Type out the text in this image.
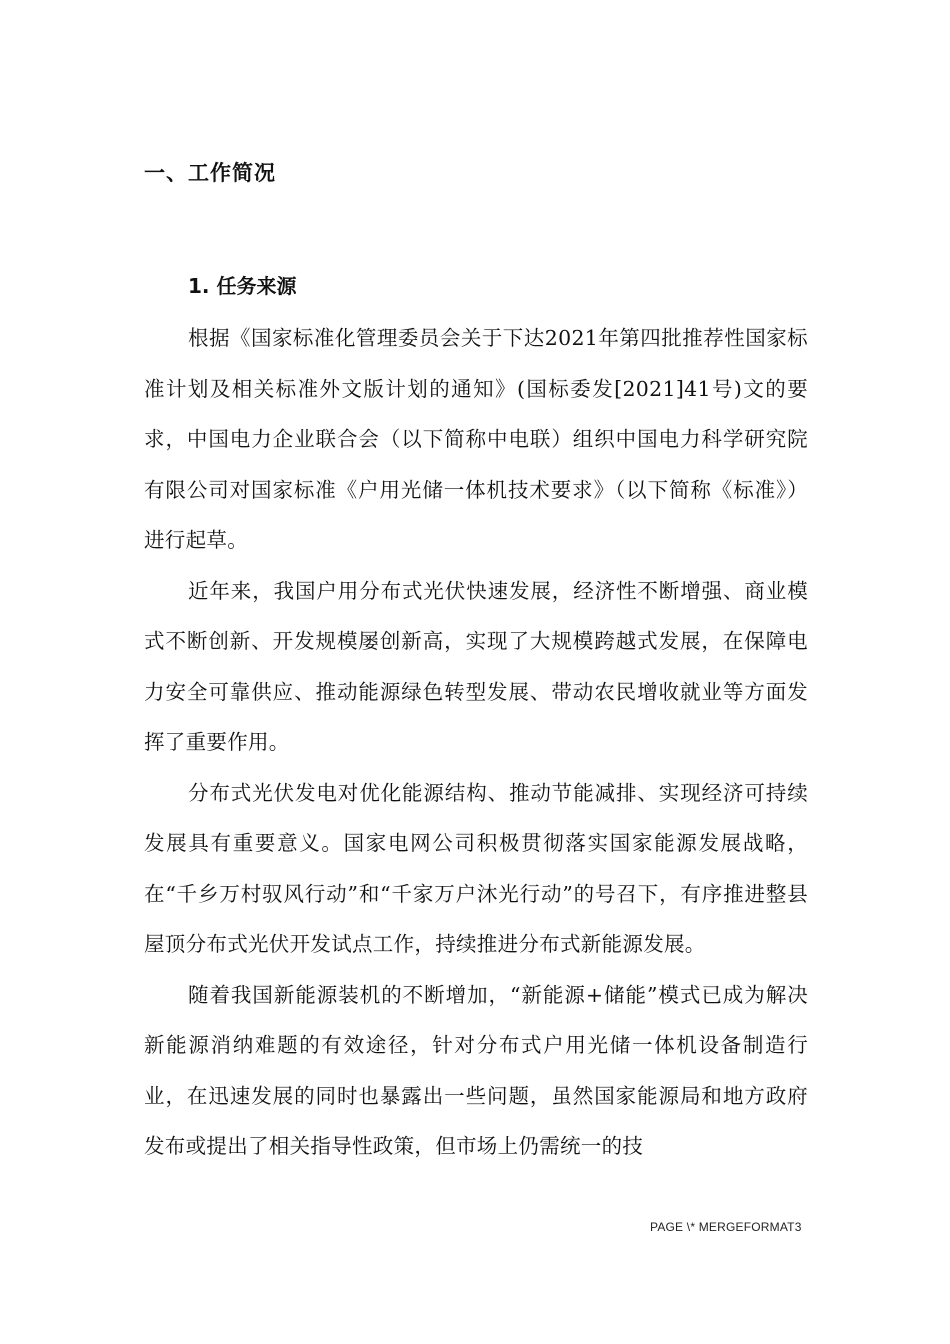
一、工作简况
1. 任务来源

根据《国家标准化管理委员会关于下达2021年第四批推荐性国家标准计划及相关标准外文版计划的通知》(国标委发[2021]41号)文的要求，中国电力企业联合会（以下简称中电联）组织中国电力科学研究院有限公司对国家标准《户用光储一体机技术要求》（以下简称《标准》）进行起草。

近年来，我国户用分布式光伏快速发展，经济性不断增强、商业模式不断创新、开发规模屡创新高，实现了大规模跨越式发展，在保障电力安全可靠供应、推动能源绿色转型发展、带动农民增收就业等方面发挥了重要作用。

分布式光伏发电对优化能源结构、推动节能减排、实现经济可持续发展具有重要意义。国家电网公司积极贯彻落实国家能源发展战略，在“千乡万村驭风行动”和“千家万户沐光行动”的号召下，有序推进整县屋顶分布式光伏开发试点工作，持续推进分布式新能源发展。

随着我国新能源装机的不断增加，“新能源+储能”模式已成为解决新能源消纳难题的有效途径，针对分布式户用光储一体机设备制造行业，在迅速发展的同时也暴露出一些问题，虽然国家能源局和地方政府发布或提出了相关指导性政策，但市场上仍需统一的技

PAGE \* MERGEFORMAT3
